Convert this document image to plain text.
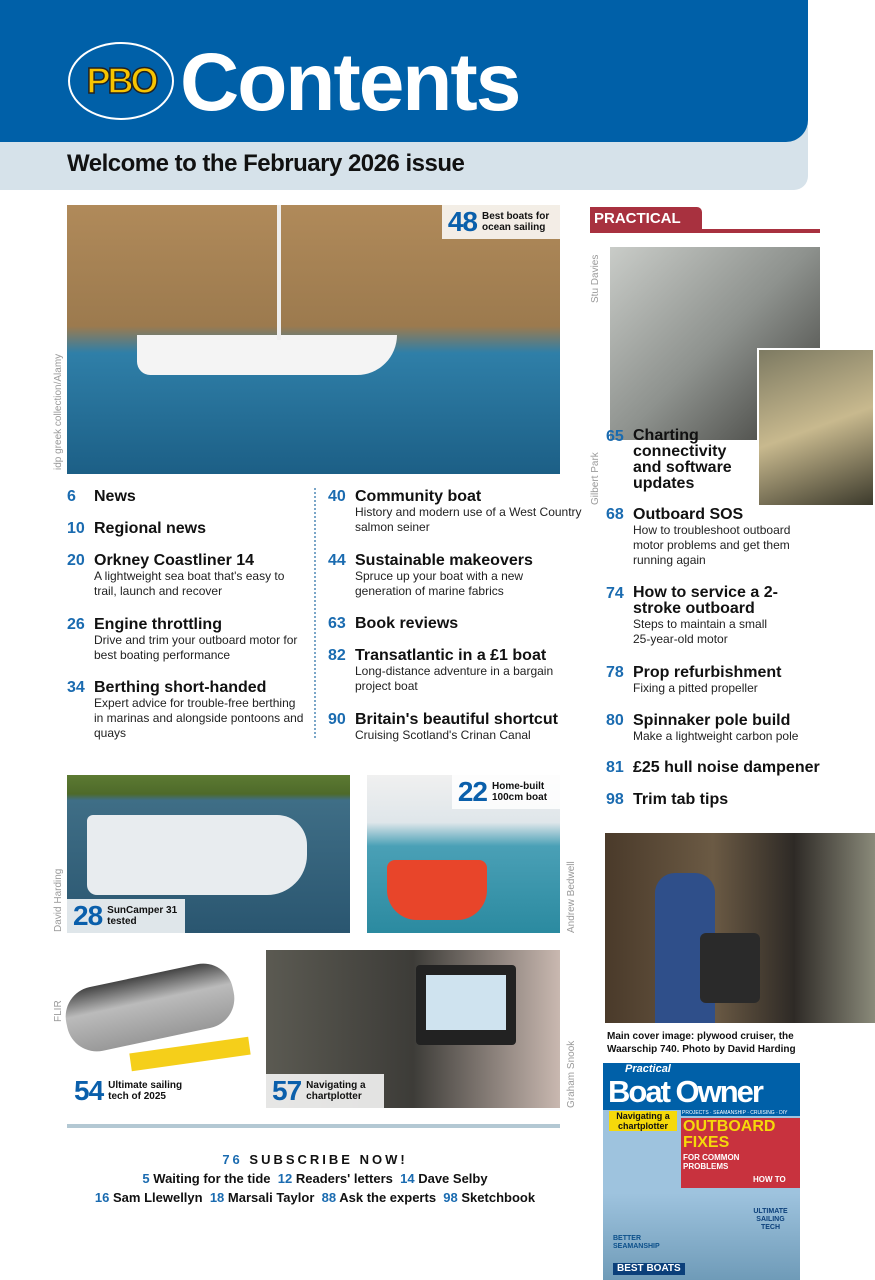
PBO Contents
Welcome to the February 2026 issue
48 Best boats for ocean sailing
idp greek collection/Alamy
6 News
10 Regional news
20 Orkney Coastliner 14
A lightweight sea boat that's easy to trail, launch and recover
26 Engine throttling
Drive and trim your outboard motor for best boating performance
34 Berthing short-handed
Expert advice for trouble-free berthing in marinas and alongside pontoons and quays
40 Community boat
History and modern use of a West Country salmon seiner
44 Sustainable makeovers
Spruce up your boat with a new generation of marine fabrics
63 Book reviews
82 Transatlantic in a £1 boat
Long-distance adventure in a bargain project boat
90 Britain's beautiful shortcut
Cruising Scotland's Crinan Canal
PRACTICAL
Stu Davies
Gilbert Park
65 Charting connectivity and software updates
68 Outboard SOS
How to troubleshoot outboard motor problems and get them running again
74 How to service a 2-stroke outboard
Steps to maintain a small 25-year-old motor
78 Prop refurbishment
Fixing a pitted propeller
80 Spinnaker pole build
Make a lightweight carbon pole
81 £25 hull noise dampener
98 Trim tab tips
28 SunCamper 31 tested
David Harding
22 Home-built 100cm boat
Andrew Bedwell
54 Ultimate sailing tech of 2025
FLIR
57 Navigating a chartplotter	Graham Snook
76 SUBSCRIBE NOW!
5 Waiting for the tide 12 Readers' letters 14 Dave Selby
16 Sam Llewellyn 18 Marsali Taylor 88 Ask the experts 98 Sketchbook
Main cover image: plywood cruiser, the Waarschip 740. Photo by David Harding
Practical
Boat Owner
PROJECTS · SEAMANSHIP · CRUISING · DIY
Navigating a chartplotter OUTBOARD FIXES
FOR COMMON PROBLEMS
HOW TO
BETTER SEAMANSHIP
ULTIMATE SAILING TECH
BEST BOATS
